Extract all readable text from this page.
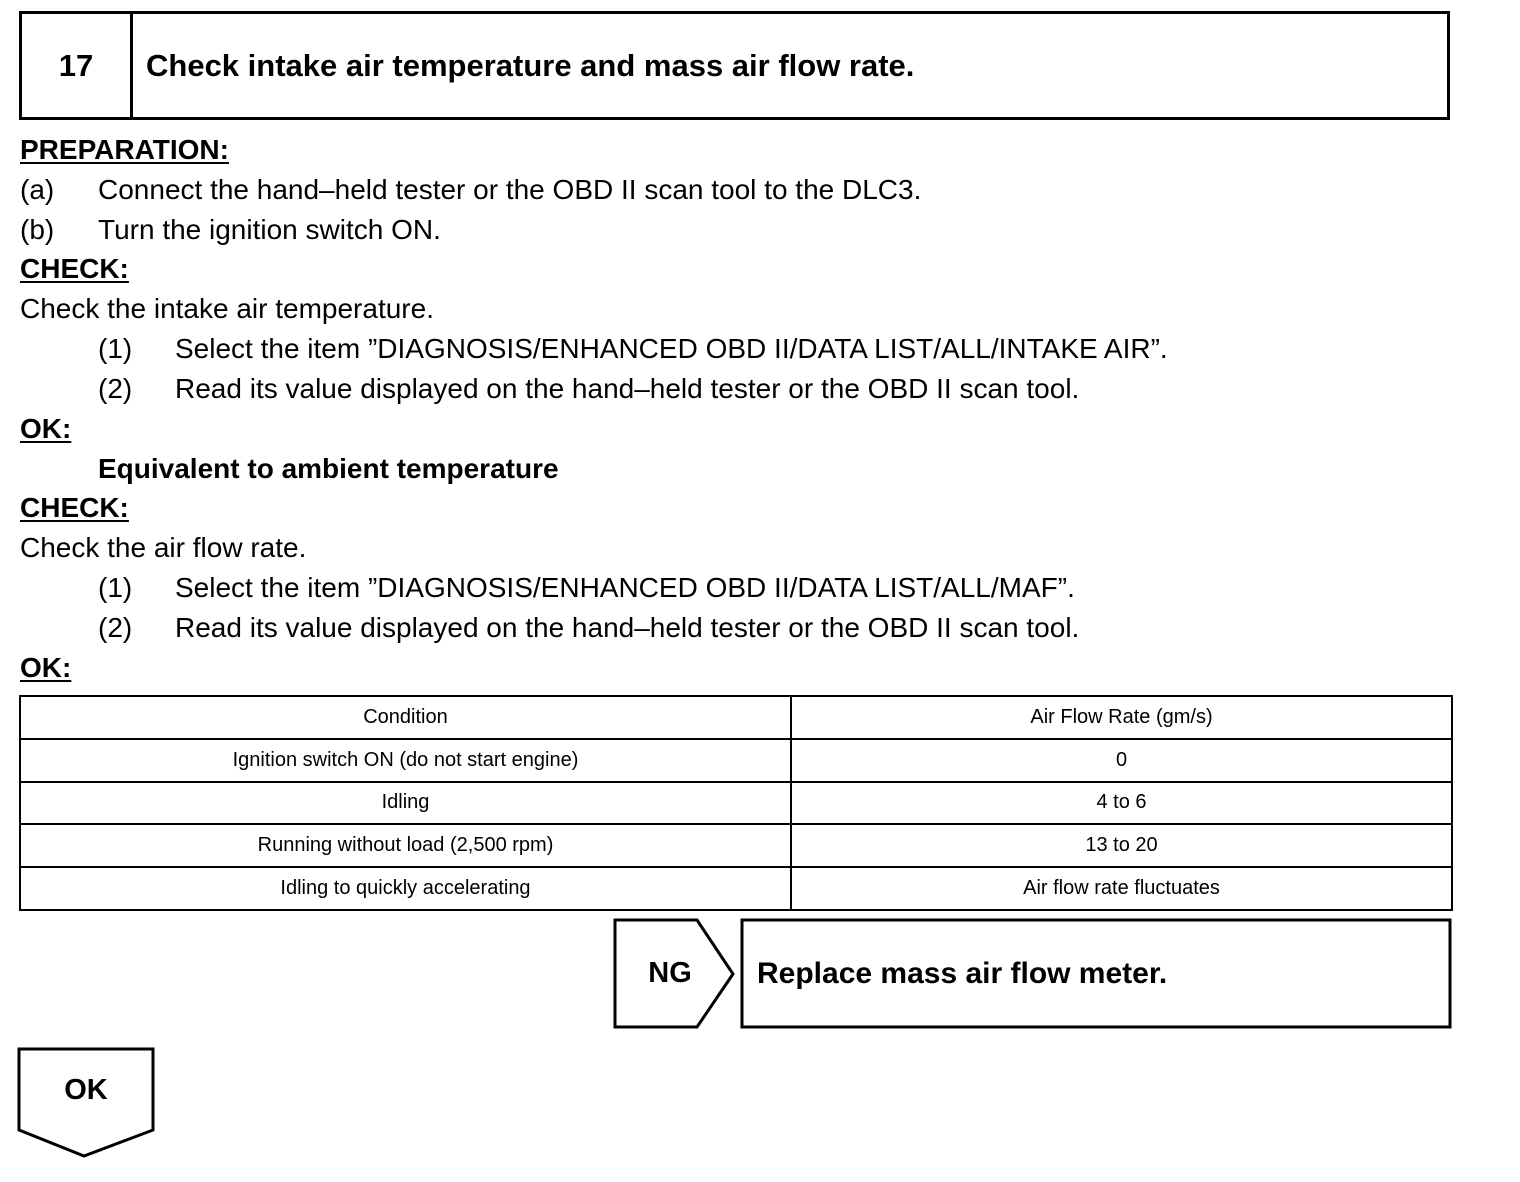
17	Check intake air temperature and mass air flow rate.
PREPARATION:
(a) Connect the hand–held tester or the OBD II scan tool to the DLC3.
(b) Turn the ignition switch ON.
CHECK:
Check the intake air temperature.
(1) Select the item ”DIAGNOSIS/ENHANCED OBD II/DATA LIST/ALL/INTAKE AIR”.
(2) Read its value displayed on the hand–held tester or the OBD II scan tool.
OK:
Equivalent to ambient temperature
CHECK:
Check the air flow rate.
(1) Select the item ”DIAGNOSIS/ENHANCED OBD II/DATA LIST/ALL/MAF”.
(2) Read its value displayed on the hand–held tester or the OBD II scan tool.
OK:
Condition	Air Flow Rate (gm/s)
Ignition switch ON (do not start engine)	0
Idling	4 to 6
Running without load (2,500 rpm)	13 to 20
Idling to quickly accelerating	Air flow rate fluctuates
NG	Replace mass air flow meter.
OK
